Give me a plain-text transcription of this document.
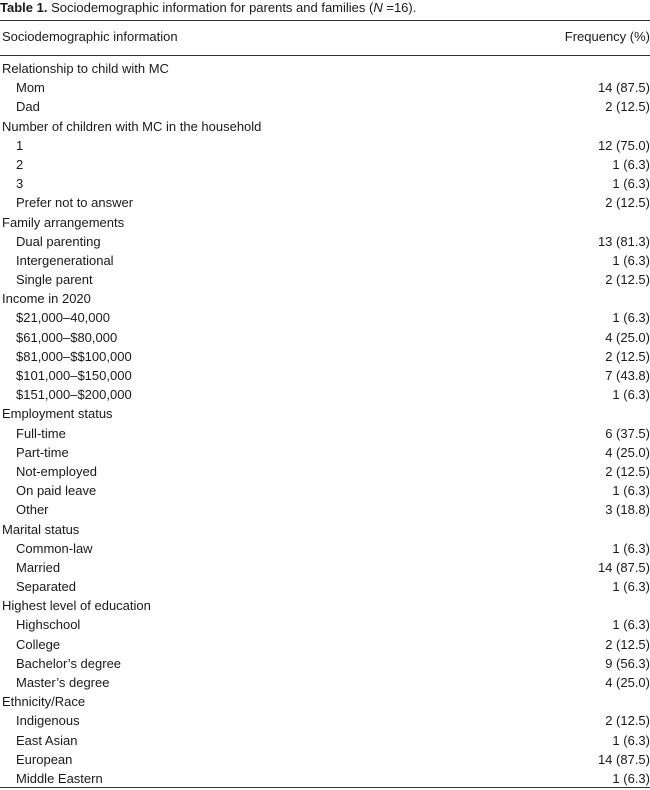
Table 1. Sociodemographic information for parents and families (N =16).
Sociodemographic information	Frequency (%)
Relationship to child with MC
Mom	14 (87.5)
Dad	2 (12.5)
Number of children with MC in the household
1	12 (75.0)
2	1 (6.3)
3	1 (6.3)
Prefer not to answer	2 (12.5)
Family arrangements
Dual parenting	13 (81.3)
Intergenerational	1 (6.3)
Single parent	2 (12.5)
Income in 2020
$21,000–40,000	1 (6.3)
$61,000–$80,000	4 (25.0)
$81,000–$$100,000	2 (12.5)
$101,000–$150,000	7 (43.8)
$151,000–$200,000	1 (6.3)
Employment status
Full-time	6 (37.5)
Part-time	4 (25.0)
Not-employed	2 (12.5)
On paid leave	1 (6.3)
Other	3 (18.8)
Marital status
Common-law	1 (6.3)
Married	14 (87.5)
Separated	1 (6.3)
Highest level of education
Highschool	1 (6.3)
College	2 (12.5)
Bachelor’s degree	9 (56.3)
Master’s degree	4 (25.0)
Ethnicity/Race
Indigenous	2 (12.5)
East Asian	1 (6.3)
European	14 (87.5)
Middle Eastern	1 (6.3)
